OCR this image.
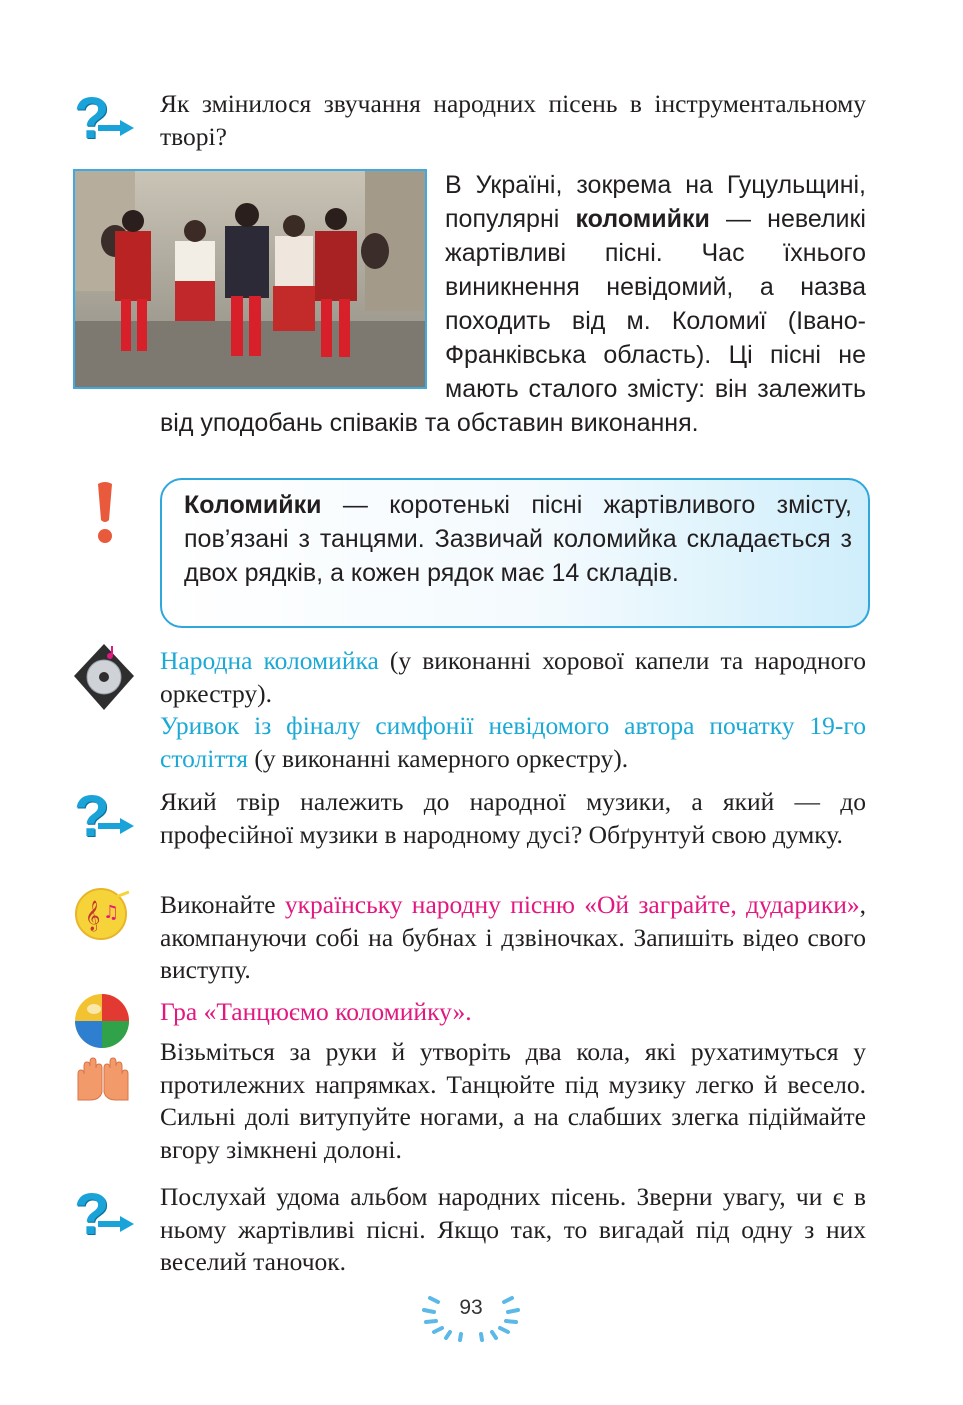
? Як змінилося звучання народних пісень в інструментальному творі?
В Україні, зокрема на Гуцульщині, популярні коломийки — невеликі жартівливі пісні. Час їхнього виникнення невідомий, а назва походить від м. Коломиї (Івано-Франківська область). Ці пісні не мають сталого змісту: він залежить від уподобань співаків та обставин виконання.
Коломийки — коротенькі пісні жартівливого змісту, пов’язані з танцями. Зазвичай коломийка складається з двох рядків, а кожен рядок має 14 складів.
Народна коломийка (у виконанні хорової капели та народного оркестру).
Уривок із фіналу симфонії невідомого автора початку 19-го століття (у виконанні камерного оркестру).
? Який твір належить до народної музики, а який — до професійної музики в народному дусі? Обґрунтуй свою думку.
𝄞 ♫ Виконайте українську народну пісню «Ой заграйте, дударики», акомпануючи собі на бубнах і дзвіночках. Запишіть відео свого виступу.
Гра «Танцюємо коломийку».
Візьміться за руки й утворіть два кола, які рухатимуться у протилежних напрямках. Танцюйте під музику легко й весело. Сильні долі витупуйте ногами, а на слабших злегка підіймайте вгору зімкнені долоні.
? Послухай удома альбом народних пісень. Зверни увагу, чи є в ньому жартівливі пісні. Якщо так, то вигадай під одну з них веселий таночок.
93
